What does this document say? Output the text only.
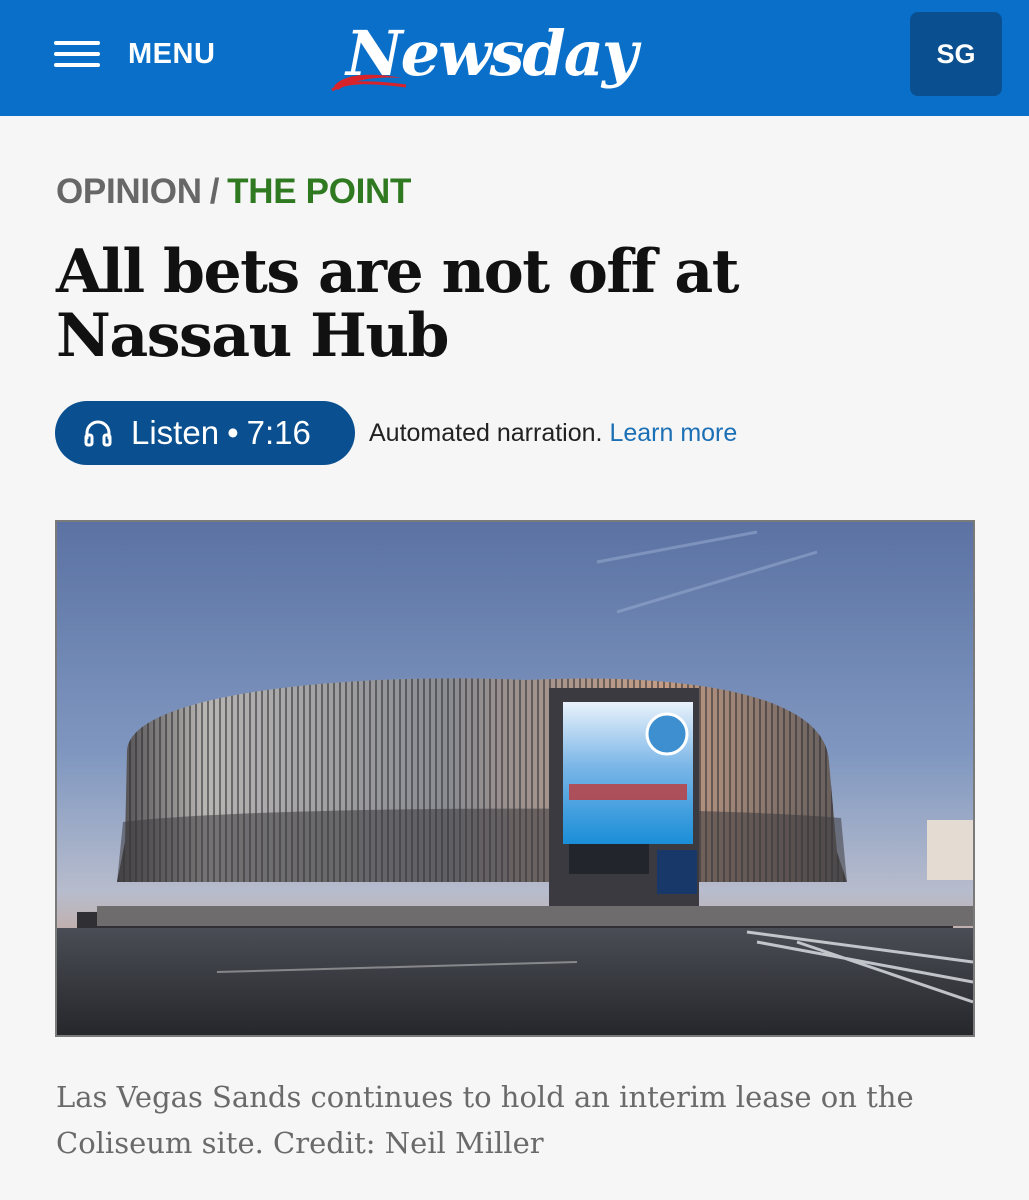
MENU Newsday	SG
OPINION / THE POINT
All bets are not off at Nassau Hub
Listen • 7:16 Automated narration. Learn more

Las Vegas Sands continues to hold an interim lease on the Coliseum site. Credit: Neil Miller
